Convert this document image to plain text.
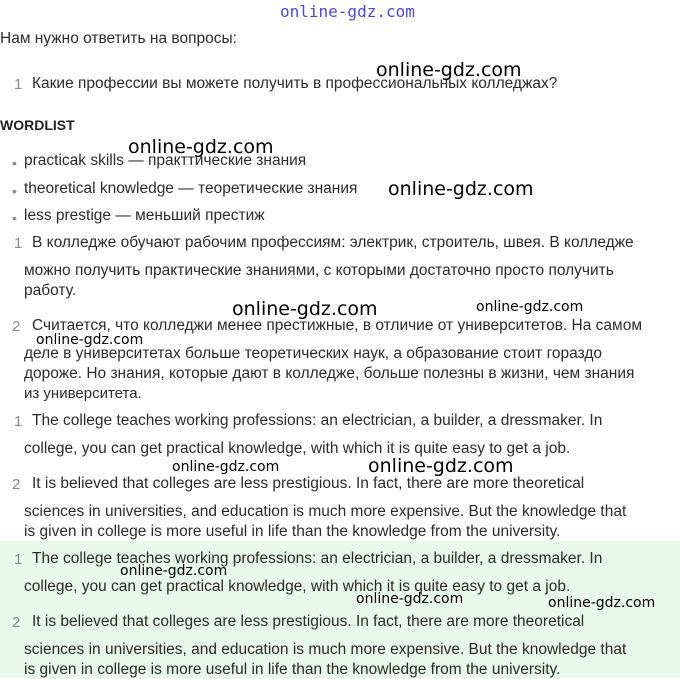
online-gdz.com
Нам нужно ответить на вопросы:
1 Какие профессии вы можете получить в профессиональных колледжах?
WORDLIST
• practicak skills — практтические знания
• theoretical knowledge — теоретические знания
• less prestige — меньший престиж
1 В колледже обучают рабочим профессиям: электрик, строитель, швея. В колледже
можно получить практические знаниями, с которыми достаточно просто получить
работу.
2 Считается, что колледжи менее престижные, в отличие от университетов. На самом
деле в университетах больше теоретических наук, а образование стоит гораздо
дороже. Но знания, которые дают в колледже, больше полезны в жизни, чем знания
из университета.
1 The college teaches working professions: an electrician, a builder, a dressmaker. In
college, you can get practical knowledge, with which it is quite easy to get a job.
2 It is believed that colleges are less prestigious. In fact, there are more theoretical
sciences in universities, and education is much more expensive. But the knowledge that
is given in college is more useful in life than the knowledge from the university.
1 The college teaches working professions: an electrician, a builder, a dressmaker. In
college, you can get practical knowledge, with which it is quite easy to get a job.
2 It is believed that colleges are less prestigious. In fact, there are more theoretical
sciences in universities, and education is much more expensive. But the knowledge that
is given in college is more useful in life than the knowledge from the university.
online-gdz.com
online-gdz.com
online-gdz.com
online-gdz.com	online-gdz.com
online-gdz.com
online-gdz.com	online-gdz.com
online-gdz.com
online-gdz.com	online-gdz.com
